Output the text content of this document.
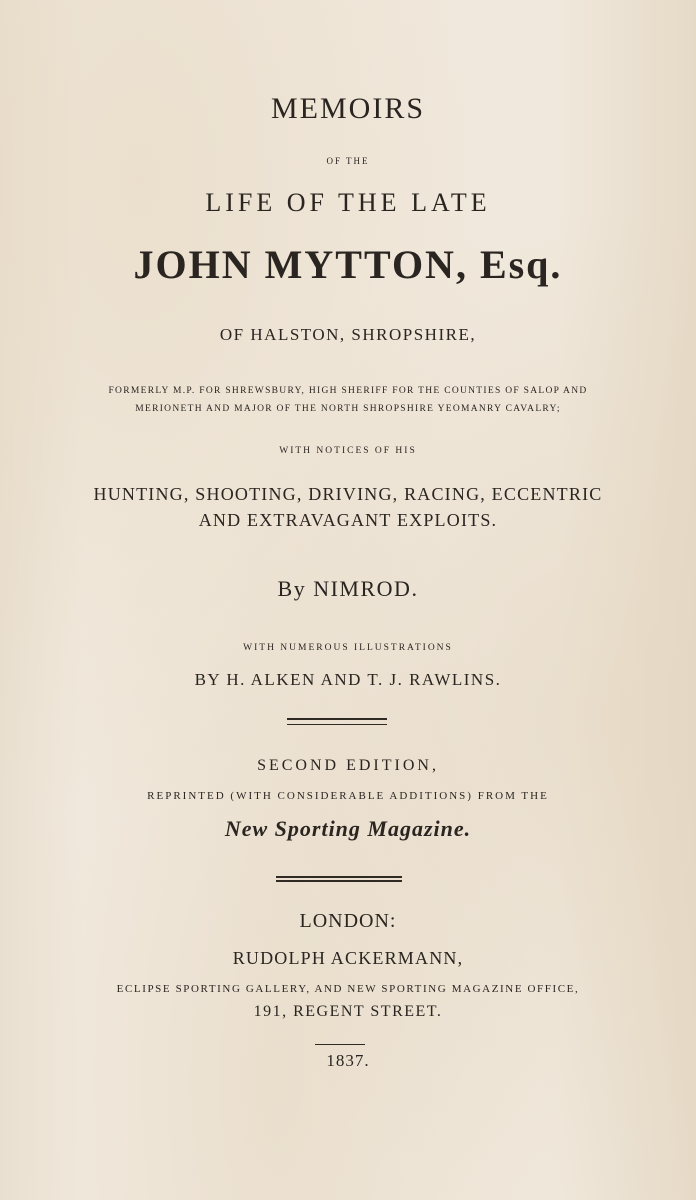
MEMOIRS
OF THE
LIFE OF THE LATE
JOHN MYTTON, Esq.
OF HALSTON, SHROPSHIRE,
FORMERLY M.P. FOR SHREWSBURY, HIGH SHERIFF FOR THE COUNTIES OF SALOP AND
MERIONETH AND MAJOR OF THE NORTH SHROPSHIRE YEOMANRY CAVALRY;
WITH NOTICES OF HIS
HUNTING, SHOOTING, DRIVING, RACING, ECCENTRIC
AND EXTRAVAGANT EXPLOITS.
By NIMROD.
WITH NUMEROUS ILLUSTRATIONS
BY H. ALKEN AND T. J. RAWLINS.
SECOND EDITION,
REPRINTED (WITH CONSIDERABLE ADDITIONS) FROM THE
New Sporting Magazine.
LONDON:
RUDOLPH ACKERMANN,
ECLIPSE SPORTING GALLERY, AND NEW SPORTING MAGAZINE OFFICE,
191, REGENT STREET.
1837.
